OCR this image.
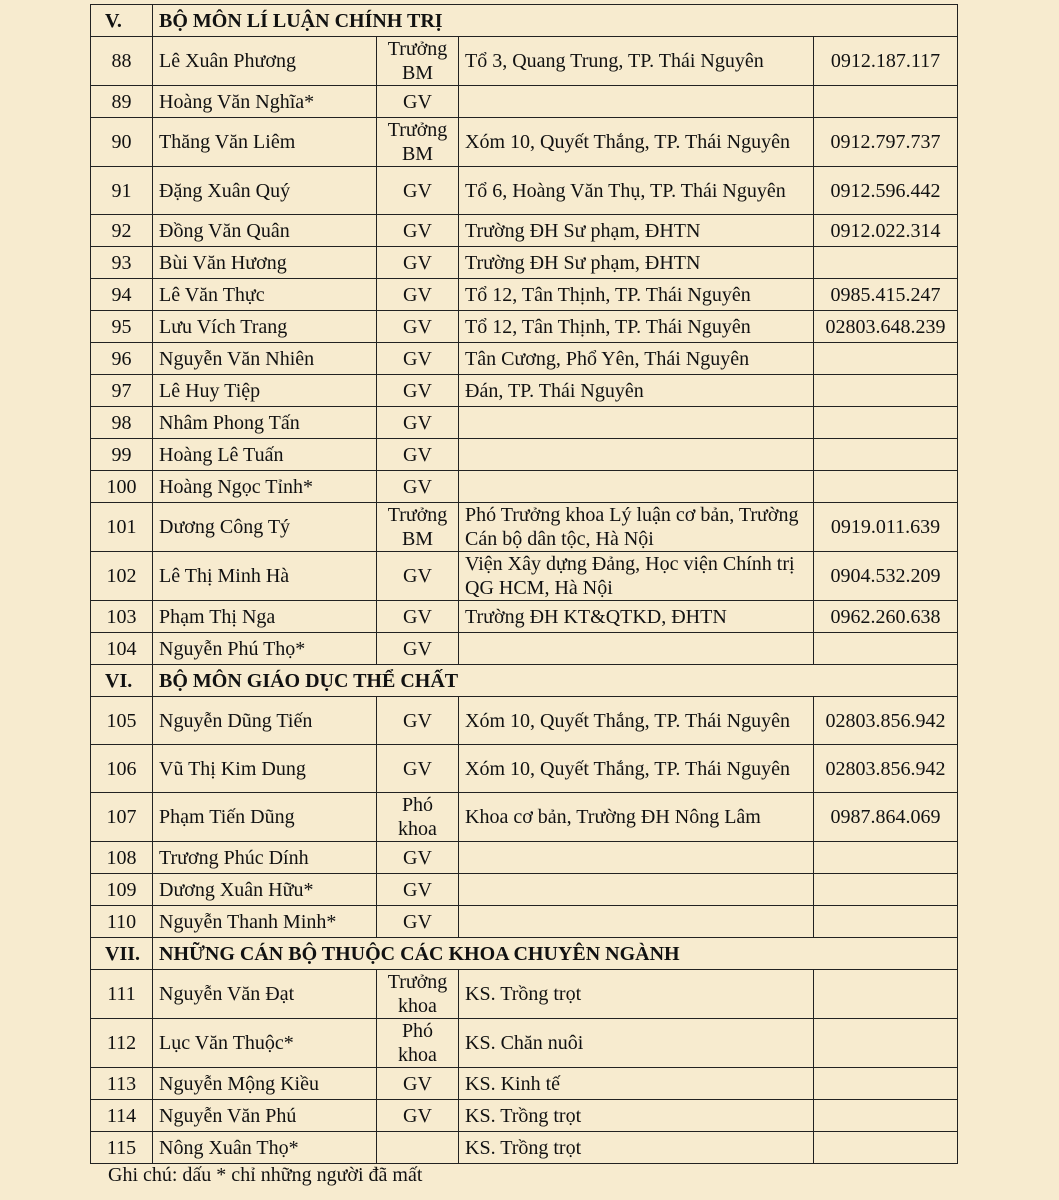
V.	BỘ MÔN LÍ LUẬN CHÍNH TRỊ			
88	Lê Xuân Phương	Trưởng BM	Tổ 3, Quang Trung, TP. Thái Nguyên	0912.187.117
89	Hoàng Văn Nghĩa*	GV		
90	Thăng Văn Liêm	Trưởng BM	Xóm 10, Quyết Thắng, TP. Thái Nguyên	0912.797.737
91	Đặng Xuân Quý	GV	Tổ 6, Hoàng Văn Thụ, TP. Thái Nguyên	0912.596.442
92	Đồng Văn Quân	GV	Trường ĐH Sư phạm, ĐHTN	0912.022.314
93	Bùi Văn Hương	GV	Trường ĐH Sư phạm, ĐHTN	
94	Lê Văn Thực	GV	Tổ 12, Tân Thịnh, TP. Thái Nguyên	0985.415.247
95	Lưu Vích Trang	GV	Tổ 12, Tân Thịnh, TP. Thái Nguyên	02803.648.239
96	Nguyễn Văn Nhiên	GV	Tân Cương, Phổ Yên, Thái Nguyên	
97	Lê Huy Tiệp	GV	Đán, TP. Thái Nguyên	
98	Nhâm Phong Tấn	GV		
99	Hoàng Lê Tuấn	GV		
100	Hoàng Ngọc Tỉnh*	GV		
101	Dương Công Tý	Trưởng BM	Phó Trưởng khoa Lý luận cơ bản, Trường Cán bộ dân tộc, Hà Nội	0919.011.639
102	Lê Thị Minh Hà	GV	Viện Xây dựng Đảng, Học viện Chính trị QG HCM, Hà Nội	0904.532.209
103	Phạm Thị Nga	GV	Trường ĐH KT&QTKD, ĐHTN	0962.260.638
104	Nguyễn Phú Thọ*	GV		
VI.	BỘ MÔN GIÁO DỤC THỂ CHẤT			
105	Nguyễn Dũng Tiến	GV	Xóm 10, Quyết Thắng, TP. Thái Nguyên	02803.856.942
106	Vũ Thị Kim Dung	GV	Xóm 10, Quyết Thắng, TP. Thái Nguyên	02803.856.942
107	Phạm Tiến Dũng	Phó khoa	Khoa cơ bản, Trường ĐH Nông Lâm	0987.864.069
108	Trương Phúc Dính	GV		
109	Dương Xuân Hữu*	GV		
110	Nguyễn Thanh Minh*	GV		
VII.	NHỮNG CÁN BỘ THUỘC CÁC KHOA CHUYÊN NGÀNH			
111	Nguyễn Văn Đạt	Trưởng khoa	KS. Trồng trọt	
112	Lục Văn Thuộc*	Phó khoa	KS. Chăn nuôi	
113	Nguyễn Mộng Kiều	GV	KS. Kinh tế	
114	Nguyễn Văn Phú	GV	KS. Trồng trọt	
115	Nông Xuân Thọ*		KS. Trồng trọt	
Ghi chú: dấu * chỉ những người đã mất
